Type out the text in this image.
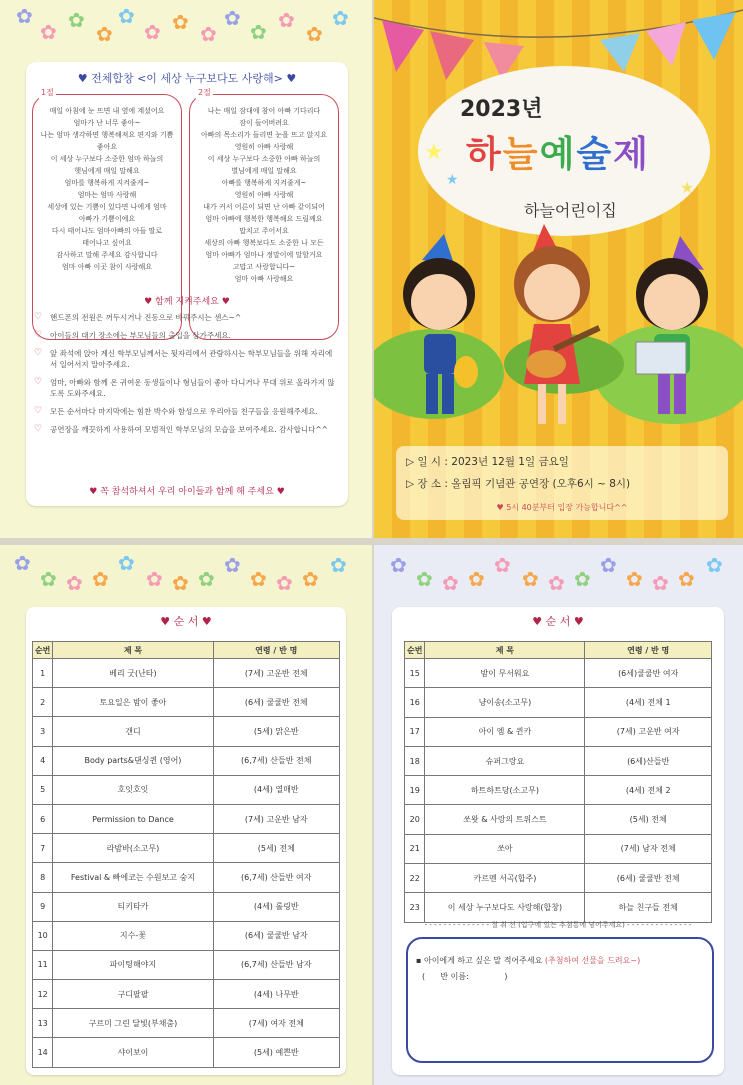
✿
✿ ✿
✿
✿
✿ ✿ ✿
✿
✿ ✿
✿
✿
♥ 전체합창 <이 세상 누구보다도 사랑해> ♥
1절
매일 아침에 눈 뜨면 내 옆에 계셨어요
엄마가 난 너무 좋아~
나는 엄마 생각하면 행복해져요 편지와 기쁨
좋아요
이 세상 누구보다 소중한 엄마 하늘의
햇님에게 매일 말해요
엄마를 행복하게 지켜줄게~
엄마는 엄마 사랑해
세상에 있는 기쁨이 있다면 나에게 엄마
아빠가 기쁨이에요
다시 태어나도 엄마아빠의 아들 딸로
태어나고 싶어요
감사하고 말해 주세요 감사합니다
엄마 아빠 이곳 참이 사랑해요
2절
나는 매일 잠대에 참이 아빠 기다리다
잠이 들어버려요
아빠의 목소리가 들리면 눈을 뜨고 앉지요
영원히 아빠 사랑해
이 세상 누구보다 소중한 아빠 하늘의
별님에게 매일 말해요
아빠를 행복하게 지켜줄게~
영원히 아빠 사랑해
내가 커서 어른이 되면 난 아빠 같이되어
엄마 아빠에 행복한 행복해요 드릴께요
맙치고 주어서요
세상의 아빠 행복보다도 소중한 나 모든
엄마 아빠가 엄마나 정말이에 말할거요
고맙고 사랑합니다~
엄마 아빠 사랑해요
♥ 함께 지켜주세요 ♥
♡ 핸드폰의 전원은 꺼두시거나 진동으로 바꿔주시는 센스~^
♡ 아이들의 대기 장소에는 부모님들의 출입을 삼가주세요.
♡ 앞 좌석에 앉아 계신 학부모님께서는 뒷자리에서 관람하시는 학부모님들을 위해 자리에서 일어서지 말아주세요.
♡ 엄마, 아빠와 함께 온 귀여운 동생들이나 형님들이 좋아 다니거나 무대 위로 올라가지 않도록 도와주세요.
♡ 모든 순서마다 마지막에는 힘찬 박수와 함성으로 우리아들 친구들을 응원해주세요.
♡ 공연장을 깨끗하게 사용하여 모범적인 학부모님의 모습을 보여주세요. 감사합니다^^
♥ 꼭 참석하셔서 우리 아이들과 함께 해 주세요 ♥
★
★	★
2023년
하늘예술제
하늘어린이집
▷ 일 시 : 2023년 12월 1일 금요일
▷ 장 소 : 올림픽 기념관 공연장 (오후6시 ~ 8시)
♥ 5시 40분부터 입장 가능합니다^^
✿
✿ ✿ ✿
✿
✿ ✿ ✿
✿
✿ ✿ ✿
✿
♥ 순 서 ♥
순번	제 목	연령 / 반 명
1	베리 굿(난타)	(7세) 고운반 전체
2	토요일은 밤이 좋아	(6세) 쿨쿨반 전체
3	갠디	(5세) 맑은반
4	Body parts&댄싱퀸 (영어)	(6,7세) 산들반 전체
5	호잇호잇	(4세) 열매반
6	Permission to Dance	(7세) 고운반 남자
7	라밤바(소고무)	(5세) 전체
8	Festival & 빠에코는 수원보고 숭지	(6,7세) 산들반 여자
9	티키타카	(4세) 롤링반
10	지수-꽃	(6세) 쿨쿨반 남자
11	파이팅해야지	(6,7세) 산들반 남자
12	구디팔팔	(4세) 나무반
13	구르미 그린 달빛(부채춤)	(7세) 여자 전체
14	샤이보이	(5세) 예쁜반
✿
✿ ✿ ✿
✿
✿ ✿ ✿
✿
✿ ✿ ✿
✿
♥ 순 서 ♥
순번	제 목	연령 / 반 명
15	밤이 무서워요	(6세)쿨쿨반 여자
16	냥이송(소고무)	(4세) 전체 1
17	아이 엠 & 퀸카	(7세) 고운반 여자
18	슈퍼그랑요	(6세)산들반
19	하트하트당(소고무)	(4세) 전체 2
20	쏘왓 & 사랑의 트위스트	(5세) 전체
21	쏘아	(7세) 남자 전체
22	카르멘 서곡(합주)	(6세) 쿨쿨반 전체
23	이 세상 누구보다도 사랑해(합창)	하늘 친구들 전체
- - - - - - - - - - - - - - 절 취 선 (입구에 있는 추첨통에 넣어주세요) - - - - - - - - - - - - - -
▪ 아이에게 하고 싶은 말 적어주세요 (추첨하여 선물을 드려요~)
(      반 이름:              )
